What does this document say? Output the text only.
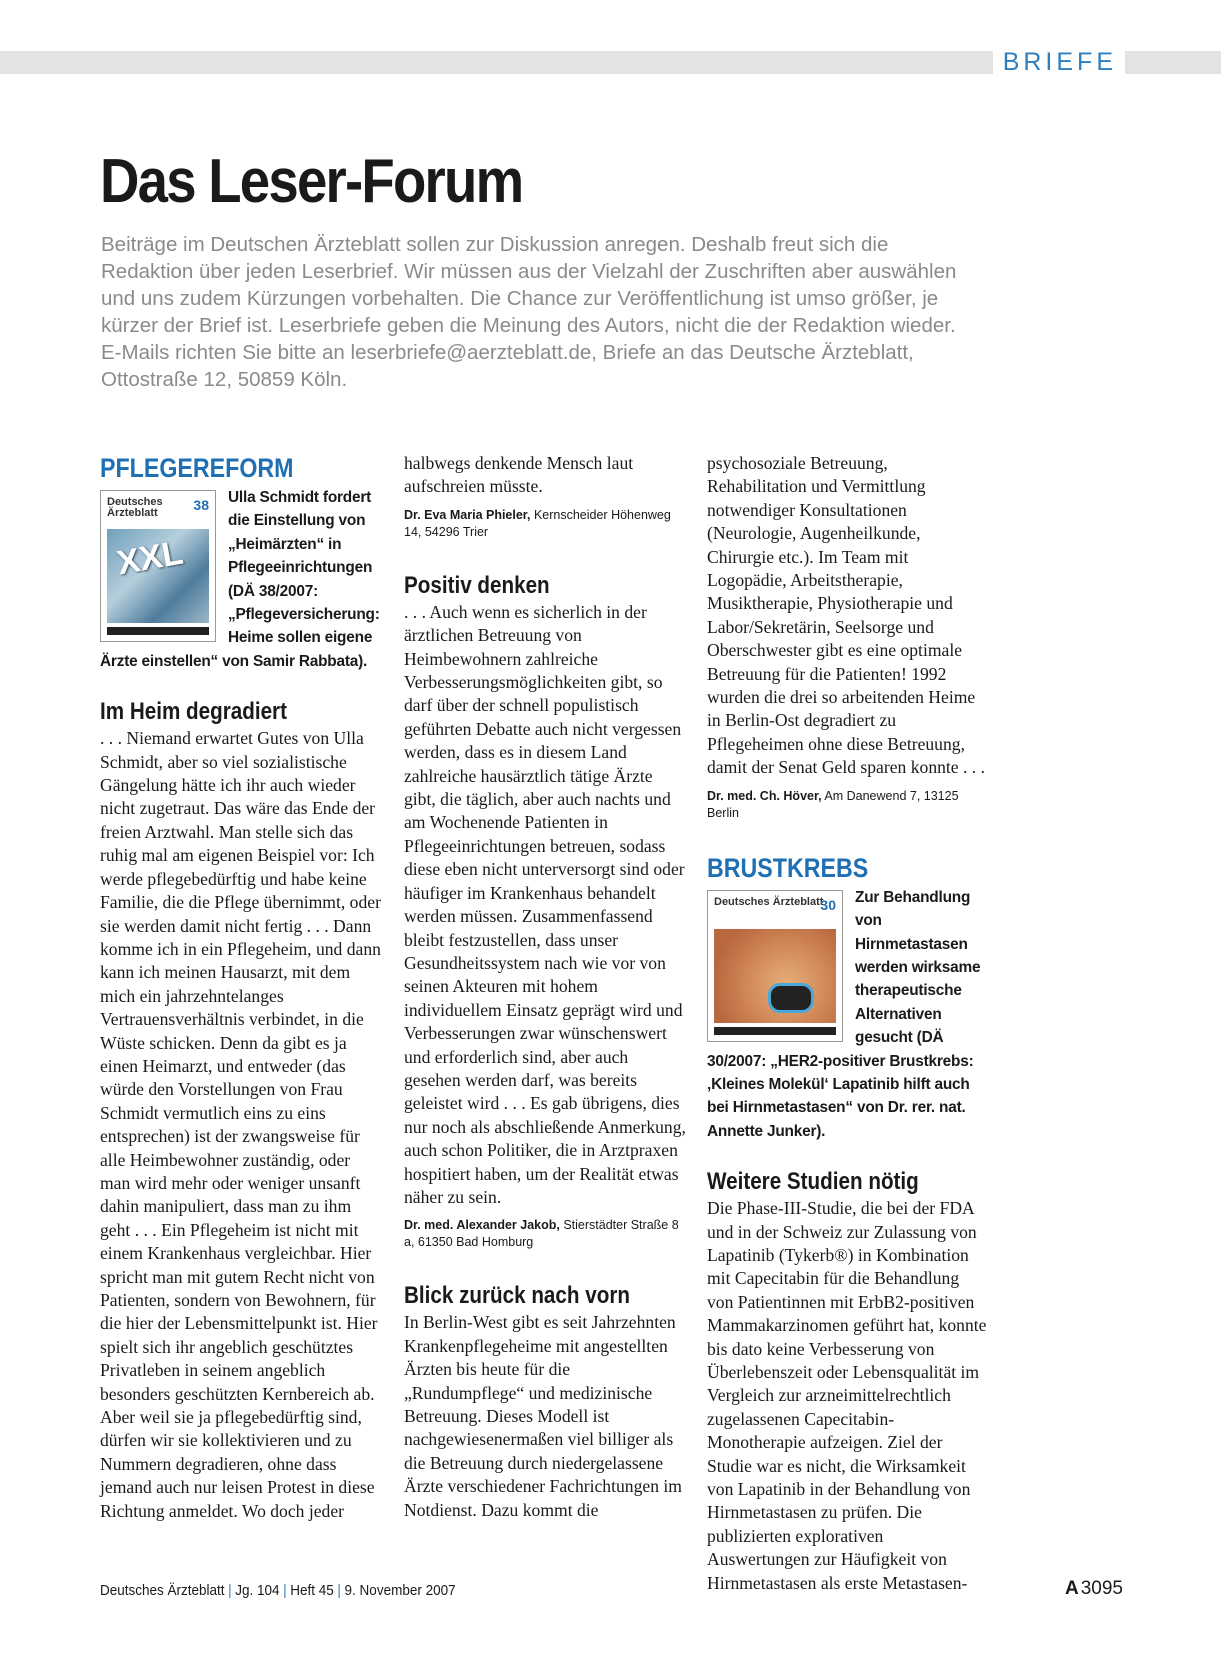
BRIEFE
Das Leser-Forum

Beiträge im Deutschen Ärzteblatt sollen zur Diskussion anregen. Deshalb freut sich die Redaktion über jeden Leserbrief. Wir müssen aus der Vielzahl der Zuschriften aber auswählen und uns zudem Kürzungen vorbehalten. Die Chance zur Veröffentlichung ist umso größer, je kürzer der Brief ist. Leserbriefe geben die Meinung des Autors, nicht die der Redaktion wieder. E-Mails richten Sie bitte an leserbriefe@aerzteblatt.de, Briefe an das Deutsche Ärzteblatt, Ottostraße 12, 50859 Köln.

PFLEGEREFORM
Deutsches Ärzteblatt	38
XXL

Ulla Schmidt fordert die Einstellung von „Heimärzten“ in Pflegeeinrichtungen (DÄ 38/2007: „Pflegeversicherung: Heime sollen eigene Ärzte einstellen“ von Samir Rabbata).

Im Heim degradiert

. . . Niemand erwartet Gutes von Ulla Schmidt, aber so viel sozialistische Gängelung hätte ich ihr auch wieder nicht zugetraut. Das wäre das Ende der freien Arztwahl. Man stelle sich das ruhig mal am eigenen Beispiel vor: Ich werde pflegebedürftig und habe keine Familie, die die Pflege übernimmt, oder sie werden damit nicht fertig . . . Dann komme ich in ein Pflegeheim, und dann kann ich meinen Hausarzt, mit dem mich ein jahrzehntelanges Vertrauensverhältnis verbindet, in die Wüste schicken. Denn da gibt es ja einen Heimarzt, und entweder (das würde den Vorstellungen von Frau Schmidt vermutlich eins zu eins entsprechen) ist der zwangsweise für alle Heimbewohner zuständig, oder man wird mehr oder weniger unsanft dahin manipuliert, dass man zu ihm geht . . . Ein Pflegeheim ist nicht mit einem Krankenhaus vergleichbar. Hier spricht man mit gutem Recht nicht von Patienten, sondern von Bewohnern, für die hier der Lebensmittelpunkt ist. Hier spielt sich ihr angeblich geschütztes Privatleben in seinem angeblich besonders geschützten Kernbereich ab. Aber weil sie ja pflegebedürftig sind, dürfen wir sie kollektivieren und zu Nummern degradieren, ohne dass jemand auch nur leisen Protest in diese Richtung anmeldet. Wo doch jeder

halbwegs denkende Mensch laut aufschreien müsste.

Dr. Eva Maria Phieler, Kernscheider Höhenweg 14, 54296 Trier

Positiv denken

. . . Auch wenn es sicherlich in der ärztlichen Betreuung von Heimbewohnern zahlreiche Verbesserungsmöglichkeiten gibt, so darf über der schnell populistisch geführten Debatte auch nicht vergessen werden, dass es in diesem Land zahlreiche hausärztlich tätige Ärzte gibt, die täglich, aber auch nachts und am Wochenende Patienten in Pflegeeinrichtungen betreuen, sodass diese eben nicht unterversorgt sind oder häufiger im Krankenhaus behandelt werden müssen. Zusammenfassend bleibt festzustellen, dass unser Gesundheitssystem nach wie vor von seinen Akteuren mit hohem individuellem Einsatz geprägt wird und Verbesserungen zwar wünschenswert und erforderlich sind, aber auch gesehen werden darf, was bereits geleistet wird . . . Es gab übrigens, dies nur noch als abschließende Anmerkung, auch schon Politiker, die in Arztpraxen hospitiert haben, um der Realität etwas näher zu sein.

Dr. med. Alexander Jakob, Stierstädter Straße 8 a, 61350 Bad Homburg

Blick zurück nach vorn

In Berlin-West gibt es seit Jahrzehnten Krankenpflegeheime mit angestellten Ärzten bis heute für die „Rundumpflege“ und medizinische Betreuung. Dieses Modell ist nachgewiesenermaßen viel billiger als die Betreuung durch niedergelassene Ärzte verschiedener Fachrichtungen im Notdienst. Dazu kommt die

psychosoziale Betreuung, Rehabilitation und Vermittlung notwendiger Konsultationen (Neurologie, Augenheilkunde, Chirurgie etc.). Im Team mit Logopädie, Arbeitstherapie, Musiktherapie, Physiotherapie und Labor/Sekretärin, Seelsorge und Oberschwester gibt es eine optimale Betreuung für die Patienten! 1992 wurden die drei so arbeitenden Heime in Berlin-Ost degradiert zu Pflegeheimen ohne diese Betreuung, damit der Senat Geld sparen konnte . . .

Dr. med. Ch. Höver, Am Danewend 7, 13125 Berlin

BRUSTKREBS
Deutsches Ärzteblatt
30	Zur Behandlung von Hirnmetastasen werden wirksame therapeutische Alternativen gesucht (DÄ 30/2007: „HER2-positiver Brustkrebs: ‚Kleines Molekül‘ Lapatinib hilft auch bei Hirnmetastasen“ von Dr. rer. nat. Annette Junker).

Weitere Studien nötig

Die Phase-III-Studie, die bei der FDA und in der Schweiz zur Zulassung von Lapatinib (Tykerb®) in Kombination mit Capecitabin für die Behandlung von Patientinnen mit ErbB2-positiven Mammakarzinomen geführt hat, konnte bis dato keine Verbesserung von Überlebenszeit oder Lebensqualität im Vergleich zur arzneimittelrechtlich zugelassenen Capecitabin-Monotherapie aufzeigen. Ziel der Studie war es nicht, die Wirksamkeit von Lapatinib in der Behandlung von Hirnmetastasen zu prüfen. Die publizierten explorativen Auswertungen zur Häufigkeit von Hirnmetastasen als erste Metastasen-

Deutsches Ärzteblatt | Jg. 104 | Heft 45 | 9. November 2007	A 3095
